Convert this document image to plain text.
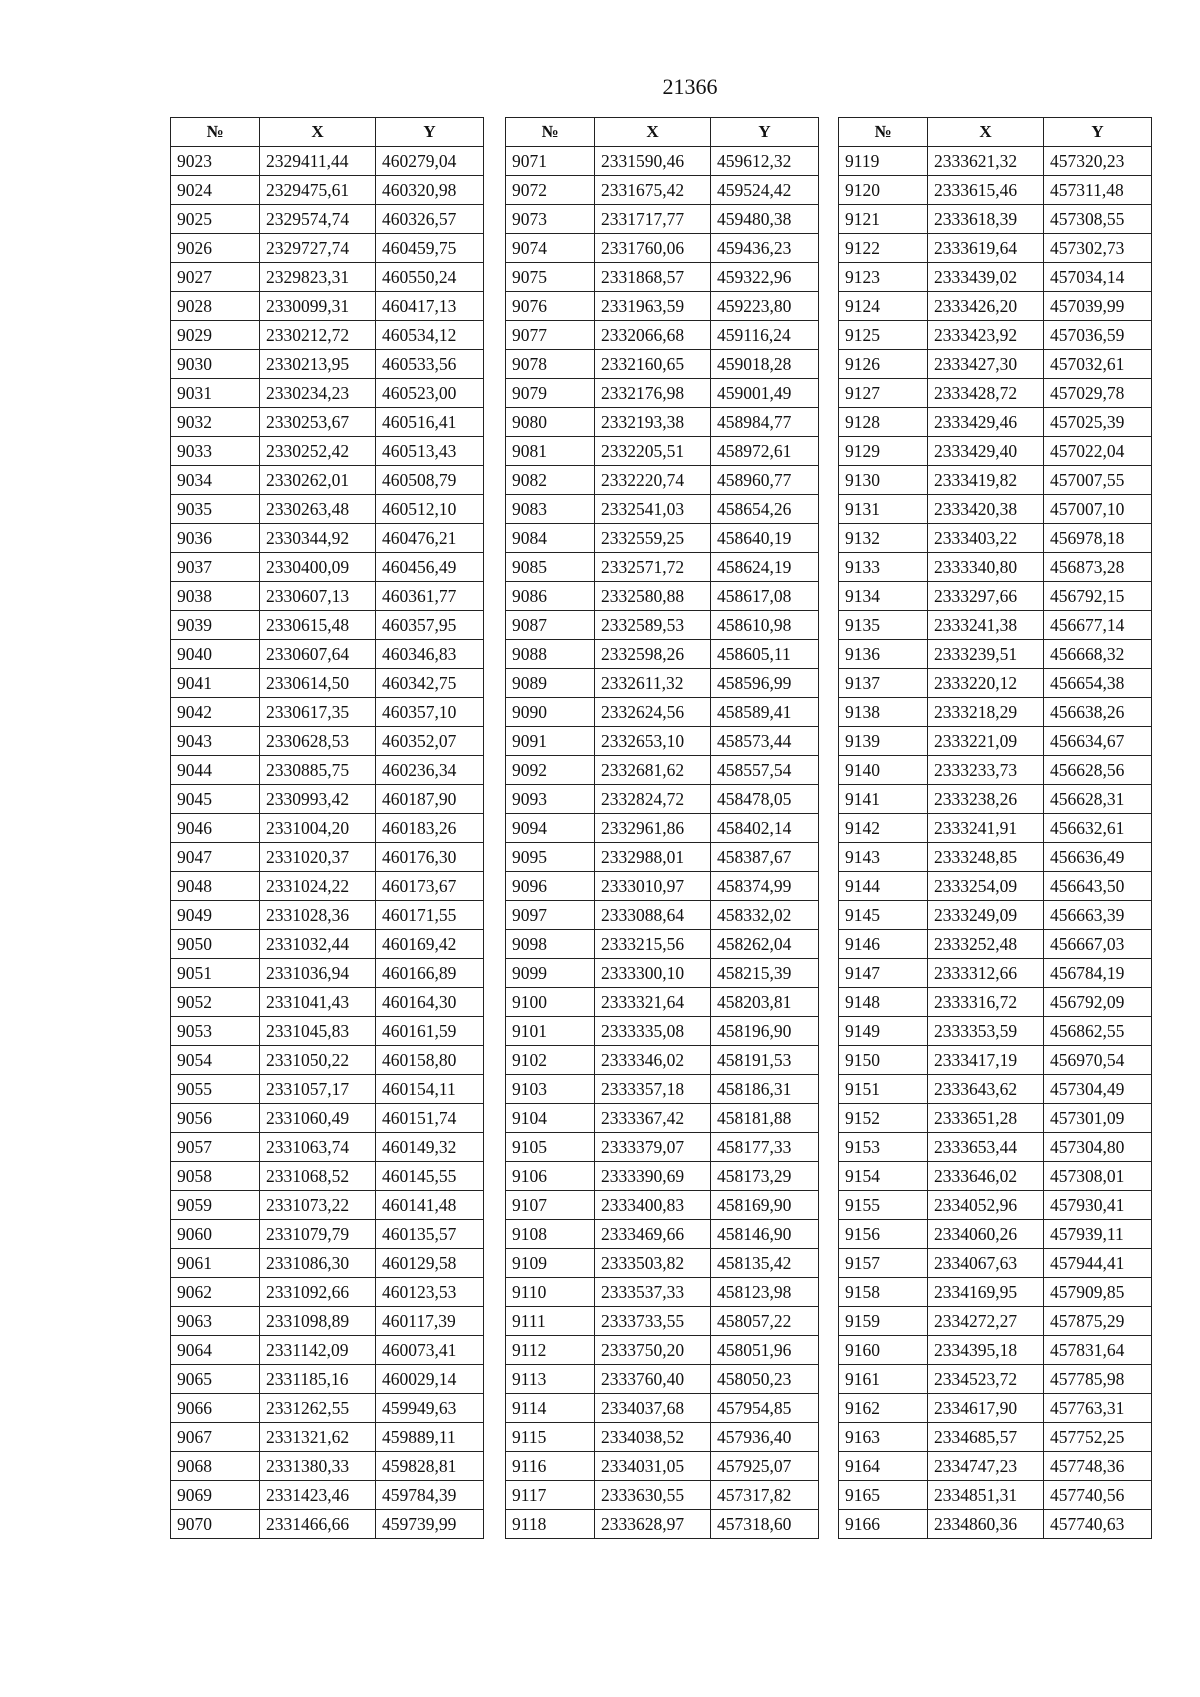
21366
№	X	Y
9023	2329411,44	460279,04
9024	2329475,61	460320,98
9025	2329574,74	460326,57
9026	2329727,74	460459,75
9027	2329823,31	460550,24
9028	2330099,31	460417,13
9029	2330212,72	460534,12
9030	2330213,95	460533,56
9031	2330234,23	460523,00
9032	2330253,67	460516,41
9033	2330252,42	460513,43
9034	2330262,01	460508,79
9035	2330263,48	460512,10
9036	2330344,92	460476,21
9037	2330400,09	460456,49
9038	2330607,13	460361,77
9039	2330615,48	460357,95
9040	2330607,64	460346,83
9041	2330614,50	460342,75
9042	2330617,35	460357,10
9043	2330628,53	460352,07
9044	2330885,75	460236,34
9045	2330993,42	460187,90
9046	2331004,20	460183,26
9047	2331020,37	460176,30
9048	2331024,22	460173,67
9049	2331028,36	460171,55
9050	2331032,44	460169,42
9051	2331036,94	460166,89
9052	2331041,43	460164,30
9053	2331045,83	460161,59
9054	2331050,22	460158,80
9055	2331057,17	460154,11
9056	2331060,49	460151,74
9057	2331063,74	460149,32
9058	2331068,52	460145,55
9059	2331073,22	460141,48
9060	2331079,79	460135,57
9061	2331086,30	460129,58
9062	2331092,66	460123,53
9063	2331098,89	460117,39
9064	2331142,09	460073,41
9065	2331185,16	460029,14
9066	2331262,55	459949,63
9067	2331321,62	459889,11
9068	2331380,33	459828,81
9069	2331423,46	459784,39
9070	2331466,66	459739,99
№	X	Y
9071	2331590,46	459612,32
9072	2331675,42	459524,42
9073	2331717,77	459480,38
9074	2331760,06	459436,23
9075	2331868,57	459322,96
9076	2331963,59	459223,80
9077	2332066,68	459116,24
9078	2332160,65	459018,28
9079	2332176,98	459001,49
9080	2332193,38	458984,77
9081	2332205,51	458972,61
9082	2332220,74	458960,77
9083	2332541,03	458654,26
9084	2332559,25	458640,19
9085	2332571,72	458624,19
9086	2332580,88	458617,08
9087	2332589,53	458610,98
9088	2332598,26	458605,11
9089	2332611,32	458596,99
9090	2332624,56	458589,41
9091	2332653,10	458573,44
9092	2332681,62	458557,54
9093	2332824,72	458478,05
9094	2332961,86	458402,14
9095	2332988,01	458387,67
9096	2333010,97	458374,99
9097	2333088,64	458332,02
9098	2333215,56	458262,04
9099	2333300,10	458215,39
9100	2333321,64	458203,81
9101	2333335,08	458196,90
9102	2333346,02	458191,53
9103	2333357,18	458186,31
9104	2333367,42	458181,88
9105	2333379,07	458177,33
9106	2333390,69	458173,29
9107	2333400,83	458169,90
9108	2333469,66	458146,90
9109	2333503,82	458135,42
9110	2333537,33	458123,98
9111	2333733,55	458057,22
9112	2333750,20	458051,96
9113	2333760,40	458050,23
9114	2334037,68	457954,85
9115	2334038,52	457936,40
9116	2334031,05	457925,07
9117	2333630,55	457317,82
9118	2333628,97	457318,60
№	X	Y
9119	2333621,32	457320,23
9120	2333615,46	457311,48
9121	2333618,39	457308,55
9122	2333619,64	457302,73
9123	2333439,02	457034,14
9124	2333426,20	457039,99
9125	2333423,92	457036,59
9126	2333427,30	457032,61
9127	2333428,72	457029,78
9128	2333429,46	457025,39
9129	2333429,40	457022,04
9130	2333419,82	457007,55
9131	2333420,38	457007,10
9132	2333403,22	456978,18
9133	2333340,80	456873,28
9134	2333297,66	456792,15
9135	2333241,38	456677,14
9136	2333239,51	456668,32
9137	2333220,12	456654,38
9138	2333218,29	456638,26
9139	2333221,09	456634,67
9140	2333233,73	456628,56
9141	2333238,26	456628,31
9142	2333241,91	456632,61
9143	2333248,85	456636,49
9144	2333254,09	456643,50
9145	2333249,09	456663,39
9146	2333252,48	456667,03
9147	2333312,66	456784,19
9148	2333316,72	456792,09
9149	2333353,59	456862,55
9150	2333417,19	456970,54
9151	2333643,62	457304,49
9152	2333651,28	457301,09
9153	2333653,44	457304,80
9154	2333646,02	457308,01
9155	2334052,96	457930,41
9156	2334060,26	457939,11
9157	2334067,63	457944,41
9158	2334169,95	457909,85
9159	2334272,27	457875,29
9160	2334395,18	457831,64
9161	2334523,72	457785,98
9162	2334617,90	457763,31
9163	2334685,57	457752,25
9164	2334747,23	457748,36
9165	2334851,31	457740,56
9166	2334860,36	457740,63
